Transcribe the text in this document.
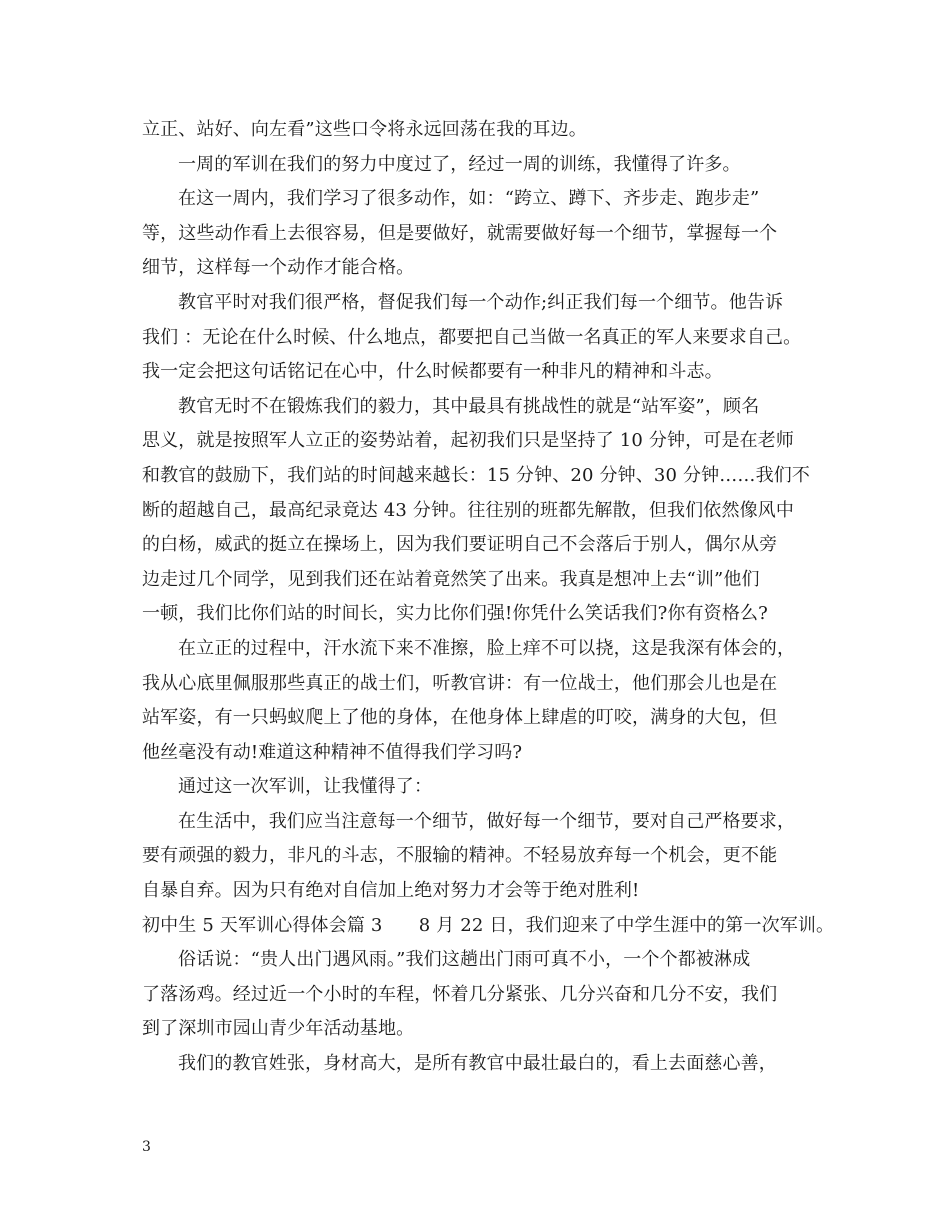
立正、站好、向左看”这些口令将永远回荡在我的耳边。
一周的军训在我们的努力中度过了，经过一周的训练，我懂得了许多。
在这一周内，我们学习了很多动作，如：“跨立、蹲下、齐步走、跑步走”
等，这些动作看上去很容易，但是要做好，就需要做好每一个细节，掌握每一个
细节，这样每一个动作才能合格。
教官平时对我们很严格，督促我们每一个动作;纠正我们每一个细节。他告诉
我们 ：无论在什么时候、什么地点，都要把自己当做一名真正的军人来要求自己。
我一定会把这句话铭记在心中，什么时候都要有一种非凡的精神和斗志。
教官无时不在锻炼我们的毅力，其中最具有挑战性的就是“站军姿”，顾名
思义，就是按照军人立正的姿势站着，起初我们只是坚持了 10 分钟，可是在老师
和教官的鼓励下，我们站的时间越来越长：15 分钟、20 分钟、30 分钟……我们不
断的超越自己，最高纪录竟达 43 分钟。往往别的班都先解散，但我们依然像风中
的白杨，威武的挺立在操场上，因为我们要证明自己不会落后于别人，偶尔从旁
边走过几个同学，见到我们还在站着竟然笑了出来。我真是想冲上去“训”他们
一顿，我们比你们站的时间长，实力比你们强!你凭什么笑话我们?你有资格么?
在立正的过程中，汗水流下来不准擦，脸上痒不可以挠，这是我深有体会的，
我从心底里佩服那些真正的战士们，听教官讲：有一位战士，他们那会儿也是在
站军姿，有一只蚂蚁爬上了他的身体，在他身体上肆虐的叮咬，满身的大包，但
他丝毫没有动!难道这种精神不值得我们学习吗?
通过这一次军训，让我懂得了：
在生活中，我们应当注意每一个细节，做好每一个细节，要对自己严格要求，
要有顽强的毅力，非凡的斗志，不服输的精神。不轻易放弃每一个机会，更不能
自暴自弃。因为只有绝对自信加上绝对努力才会等于绝对胜利!
初中生 5 天军训心得体会篇 3　　8 月 22 日，我们迎来了中学生涯中的第一次军训。
俗话说：“贵人出门遇风雨。”我们这趟出门雨可真不小，一个个都被淋成
了落汤鸡。经过近一个小时的车程，怀着几分紧张、几分兴奋和几分不安，我们
到了深圳市园山青少年活动基地。
我们的教官姓张，身材高大，是所有教官中最壮最白的，看上去面慈心善，
3
